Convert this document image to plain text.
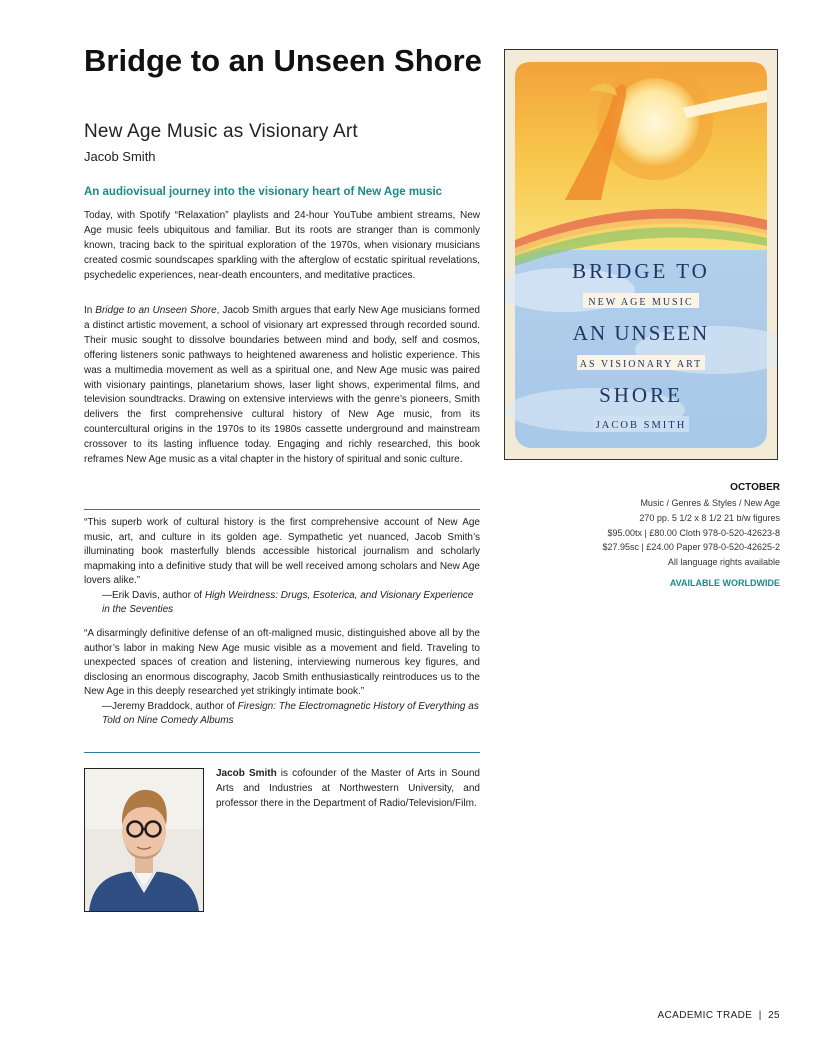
Bridge to an Unseen Shore

New Age Music as Visionary Art

Jacob Smith

An audiovisual journey into the visionary heart of New Age music

Today, with Spotify “Relaxation” playlists and 24-hour YouTube ambient streams, New Age music feels ubiquitous and familiar. But its roots are stranger than is commonly known, tracing back to the spiritual exploration of the 1970s, when visionary musicians created cosmic soundscapes sparkling with the afterglow of ecstatic spiritual revelations, psychedelic experiences, near-death encounters, and meditative practices.

In Bridge to an Unseen Shore, Jacob Smith argues that early New Age musicians formed a distinct artistic movement, a school of visionary art expressed through recorded sound. Their music sought to dissolve boundaries between mind and body, self and cosmos, offering listeners sonic pathways to heightened awareness and holistic experience. This was a multimedia movement as well as a spiritual one, and New Age music was paired with visionary paintings, planetarium shows, laser light shows, experimental films, and television soundtracks. Drawing on extensive interviews with the genre’s pioneers, Smith delivers the first comprehensive cultural history of New Age music, from its countercultural origins in the 1970s to its 1980s cassette underground and mainstream crossover to its lasting influence today. Engaging and richly researched, this book reframes New Age music as a vital chapter in the history of spiritual and sonic culture.

“This superb work of cultural history is the first comprehensive account of New Age music, art, and culture in its golden age. Sympathetic yet nuanced, Jacob Smith’s illuminating book masterfully blends accessible historical journalism and scholarly mapmaking into a definitive study that will be well received among scholars and New Age lovers alike.”
—Erik Davis, author of High Weirdness: Drugs, Esoterica, and Visionary Experience in the Seventies
“A disarmingly definitive defense of an oft-maligned music, distinguished above all by the author’s labor in making New Age music visible as a movement and field. Traveling to unexpected spaces of creation and listening, interviewing numerous key figures, and disclosing an enormous discography, Jacob Smith enthusiastically reintroduces us to the New Age in this deeply researched yet strikingly intimate book.”
—Jeremy Braddock, author of Firesign: The Electromagnetic History of Everything as Told on Nine Comedy Albums

Jacob Smith is cofounder of the Master of Arts in Sound Arts and Industries at Northwestern University, and professor there in the Department of Radio/Television/Film.

BRIDGE TO
NEW AGE MUSIC
AN UNSEEN
AS VISIONARY ART
SHORE
JACOB SMITH

OCTOBER

Music / Genres & Styles / New Age

270 pp. 5 1/2 x 8 1/2 21 b/w figures

$95.00tx | £80.00 Cloth 978-0-520-42623-8

$27.95sc | £24.00 Paper 978-0-520-42625-2

All language rights available

AVAILABLE WORLDWIDE

ACADEMIC TRADE  |  25
